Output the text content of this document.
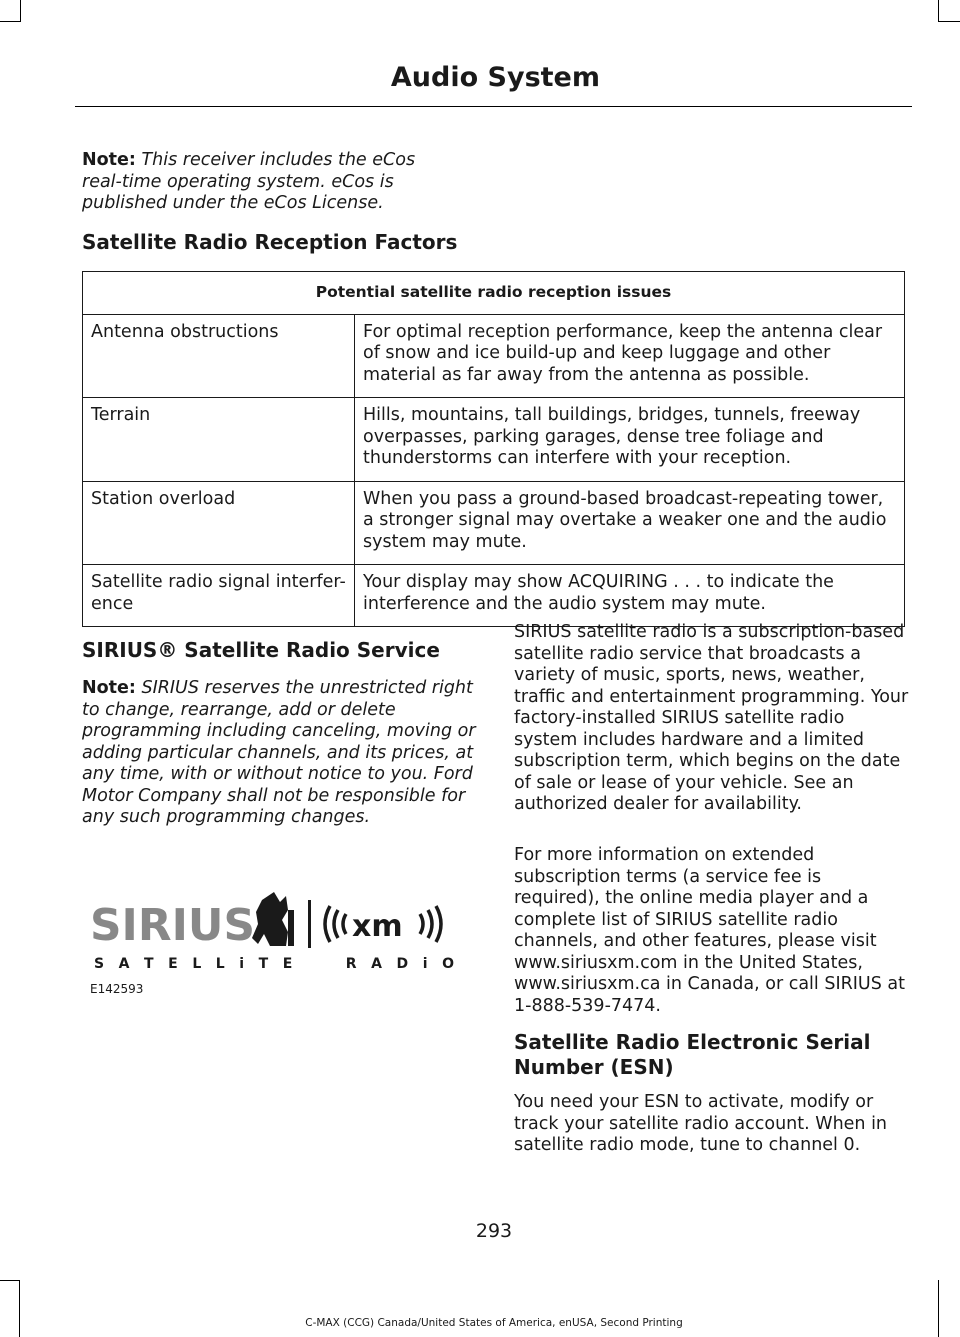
Audio System

Note: This receiver includes the eCos real-time operating system. eCos is published under the eCos License.

Satellite Radio Reception Factors
Potential satellite radio reception issues	
Antenna obstructions	For optimal reception performance, keep the antenna clear of snow and ice build-up and keep luggage and other material as far away from the antenna as possible.
Terrain	Hills, mountains, tall buildings, bridges, tunnels, freeway overpasses, parking garages, dense tree foliage and thunderstorms can interfere with your reception.
Station overload	When you pass a ground-based broadcast-repeating tower, a stronger signal may overtake a weaker one and the audio system may mute.
Satellite radio signal interfer-ence	Your display may show ACQUIRING . . . to indicate the interference and the audio system may mute.
SIRIUS® Satellite Radio Service

Note: SIRIUS reserves the unrestricted right to change, rearrange, add or delete programming including canceling, moving or adding particular channels, and its prices, at any time, with or without notice to you. Ford Motor Company shall not be responsible for any such programming changes.

SIRIUS	xm
S A T E L L i T E     R A D i O
E142593

SIRIUS satellite radio is a subscription-based satellite radio service that broadcasts a variety of music, sports, news, weather, traffic and entertainment programming. Your factory-installed SIRIUS satellite radio system includes hardware and a limited subscription term, which begins on the date of sale or lease of your vehicle. See an authorized dealer for availability.

For more information on extended subscription terms (a service fee is required), the online media player and a complete list of SIRIUS satellite radio channels, and other features, please visit www.siriusxm.com in the United States, www.siriusxm.ca in Canada, or call SIRIUS at 1-888-539-7474.

Satellite Radio Electronic Serial Number (ESN)

You need your ESN to activate, modify or track your satellite radio account. When in satellite radio mode, tune to channel 0.

293
C-MAX (CCG) Canada/United States of America, enUSA, Second Printing
